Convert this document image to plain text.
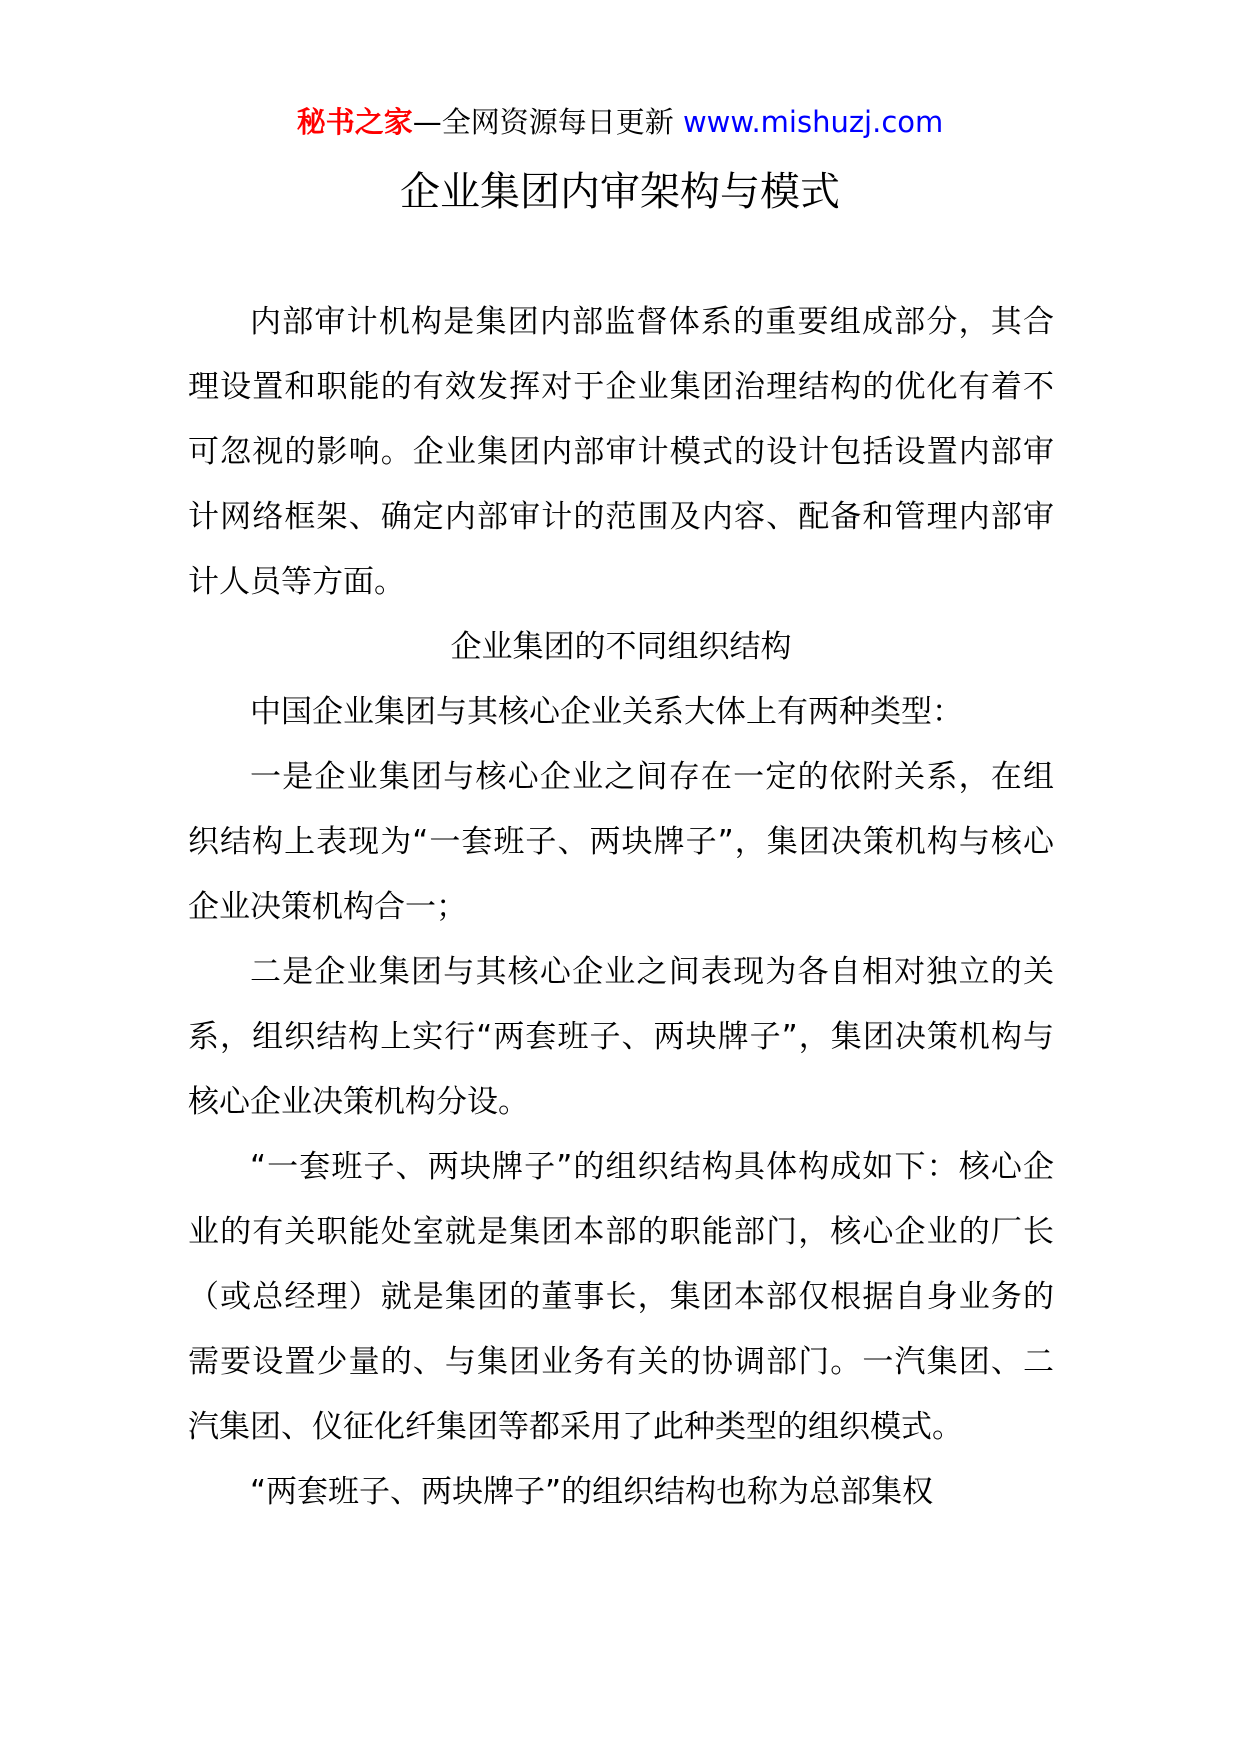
秘书之家—全网资源每日更新 www.mishuzj.com
企业集团内审架构与模式

内部审计机构是集团内部监督体系的重要组成部分，其合理设置和职能的有效发挥对于企业集团治理结构的优化有着不可忽视的影响。企业集团内部审计模式的设计包括设置内部审计网络框架、确定内部审计的范围及内容、配备和管理内部审计人员等方面。

企业集团的不同组织结构

中国企业集团与其核心企业关系大体上有两种类型：

一是企业集团与核心企业之间存在一定的依附关系，在组织结构上表现为“一套班子、两块牌子”，集团决策机构与核心企业决策机构合一；

二是企业集团与其核心企业之间表现为各自相对独立的关系，组织结构上实行“两套班子、两块牌子”，集团决策机构与核心企业决策机构分设。

“一套班子、两块牌子”的组织结构具体构成如下：核心企业的有关职能处室就是集团本部的职能部门，核心企业的厂长（或总经理）就是集团的董事长，集团本部仅根据自身业务的需要设置少量的、与集团业务有关的协调部门。一汽集团、二汽集团、仪征化纤集团等都采用了此种类型的组织模式。

“两套班子、两块牌子”的组织结构也称为总部集权
